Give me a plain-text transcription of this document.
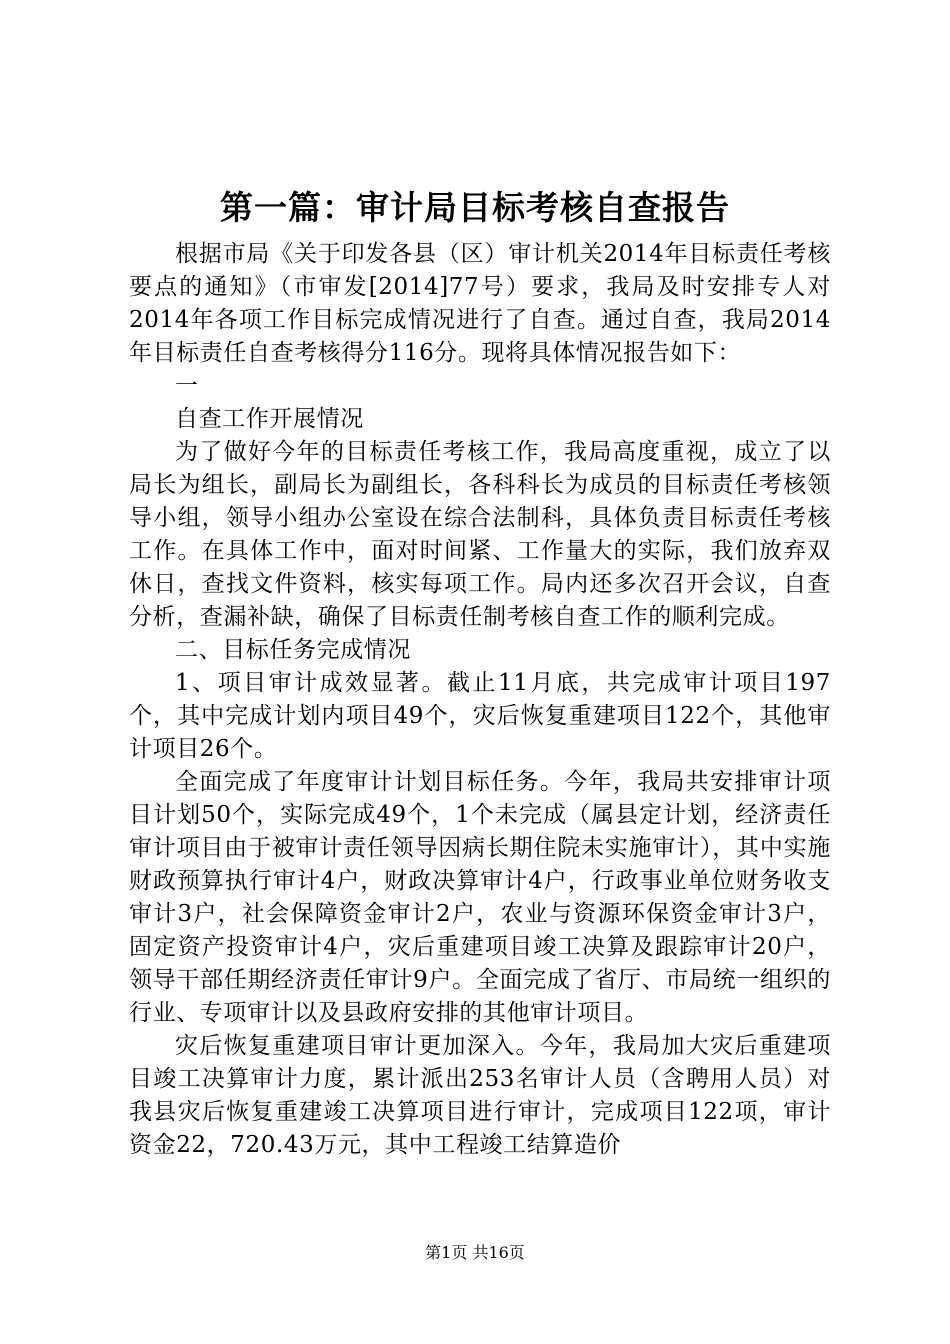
第一篇：审计局目标考核自查报告

根据市局《关于印发各县（区）审计机关2014年目标责任考核要点的通知》（市审发[2014]77号）要求，我局及时安排专人对2014年各项工作目标完成情况进行了自查。通过自查，我局2014年目标责任自查考核得分116分。现将具体情况报告如下：

一

自查工作开展情况

为了做好今年的目标责任考核工作，我局高度重视，成立了以局长为组长，副局长为副组长，各科科长为成员的目标责任考核领导小组，领导小组办公室设在综合法制科，具体负责目标责任考核工作。在具体工作中，面对时间紧、工作量大的实际，我们放弃双休日，查找文件资料，核实每项工作。局内还多次召开会议，自查分析，查漏补缺，确保了目标责任制考核自查工作的顺利完成。

二、目标任务完成情况

1、项目审计成效显著。截止11月底，共完成审计项目197个，其中完成计划内项目49个，灾后恢复重建项目122个，其他审计项目26个。

全面完成了年度审计计划目标任务。今年，我局共安排审计项目计划50个，实际完成49个，1个未完成（属县定计划，经济责任审计项目由于被审计责任领导因病长期住院未实施审计），其中实施财政预算执行审计4户，财政决算审计4户，行政事业单位财务收支审计3户，社会保障资金审计2户，农业与资源环保资金审计3户，固定资产投资审计4户，灾后重建项目竣工决算及跟踪审计20户，领导干部任期经济责任审计9户。全面完成了省厅、市局统一组织的行业、专项审计以及县政府安排的其他审计项目。

灾后恢复重建项目审计更加深入。今年，我局加大灾后重建项目竣工决算审计力度，累计派出253名审计人员（含聘用人员）对我县灾后恢复重建竣工决算项目进行审计，完成项目122项，审计资金22，720.43万元，其中工程竣工结算造价

第1页 共16页
